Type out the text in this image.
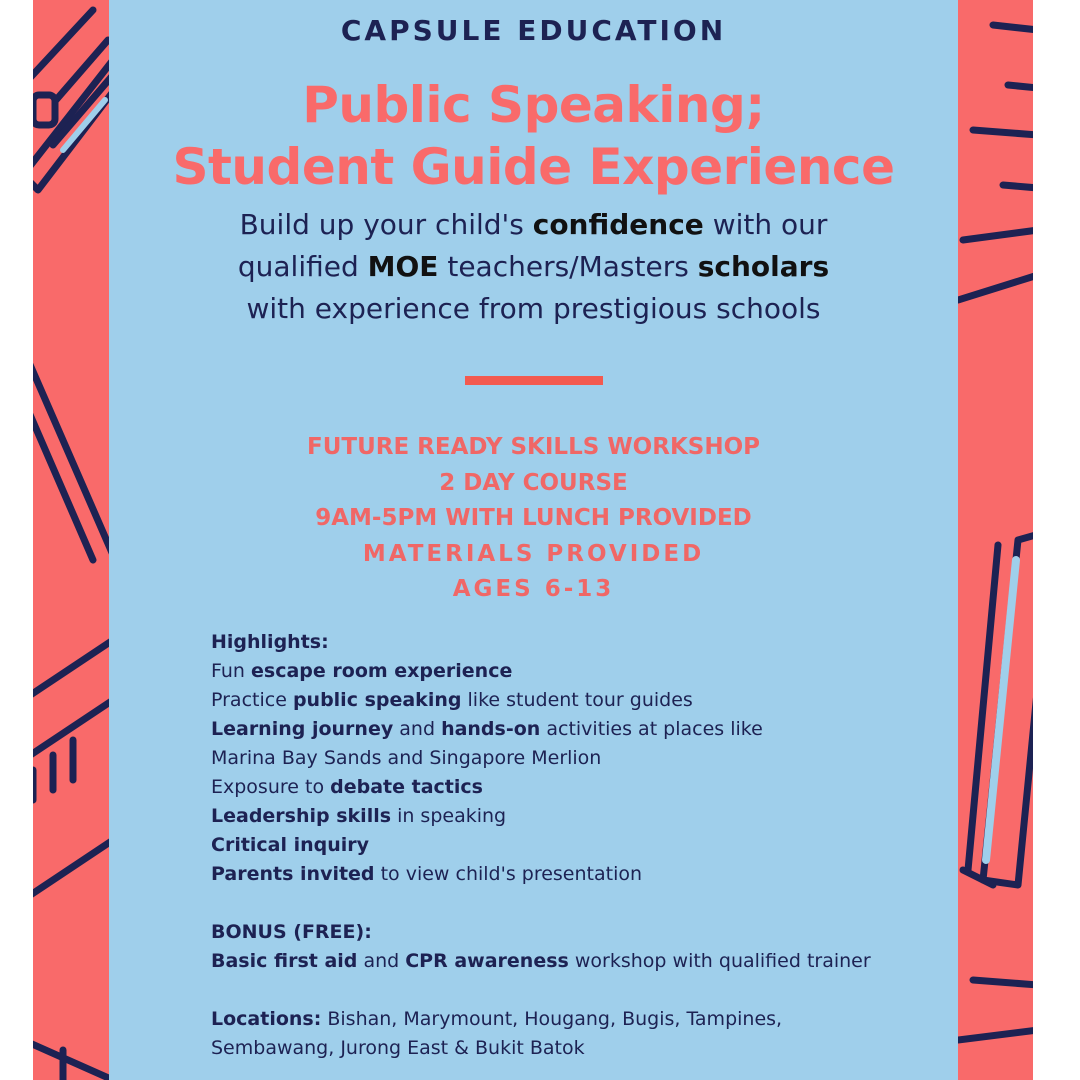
CAPSULE EDUCATION
Public Speaking;
Student Guide Experience
Build up your child's confidence with our
qualified MOE teachers/Masters scholars
with experience from prestigious schools
FUTURE READY SKILLS WORKSHOP
2 DAY COURSE
9AM-5PM WITH LUNCH PROVIDED
MATERIALS PROVIDED
AGES 6-13
Highlights:
Fun escape room experience
Practice public speaking like student tour guides
Learning journey and hands-on activities at places like
Marina Bay Sands and Singapore Merlion
Exposure to debate tactics
Leadership skills in speaking
Critical inquiry
Parents invited to view child's presentation
BONUS (FREE):
Basic first aid and CPR awareness workshop with qualified trainer
Locations: Bishan, Marymount, Hougang, Bugis, Tampines,
Sembawang, Jurong East & Bukit Batok
